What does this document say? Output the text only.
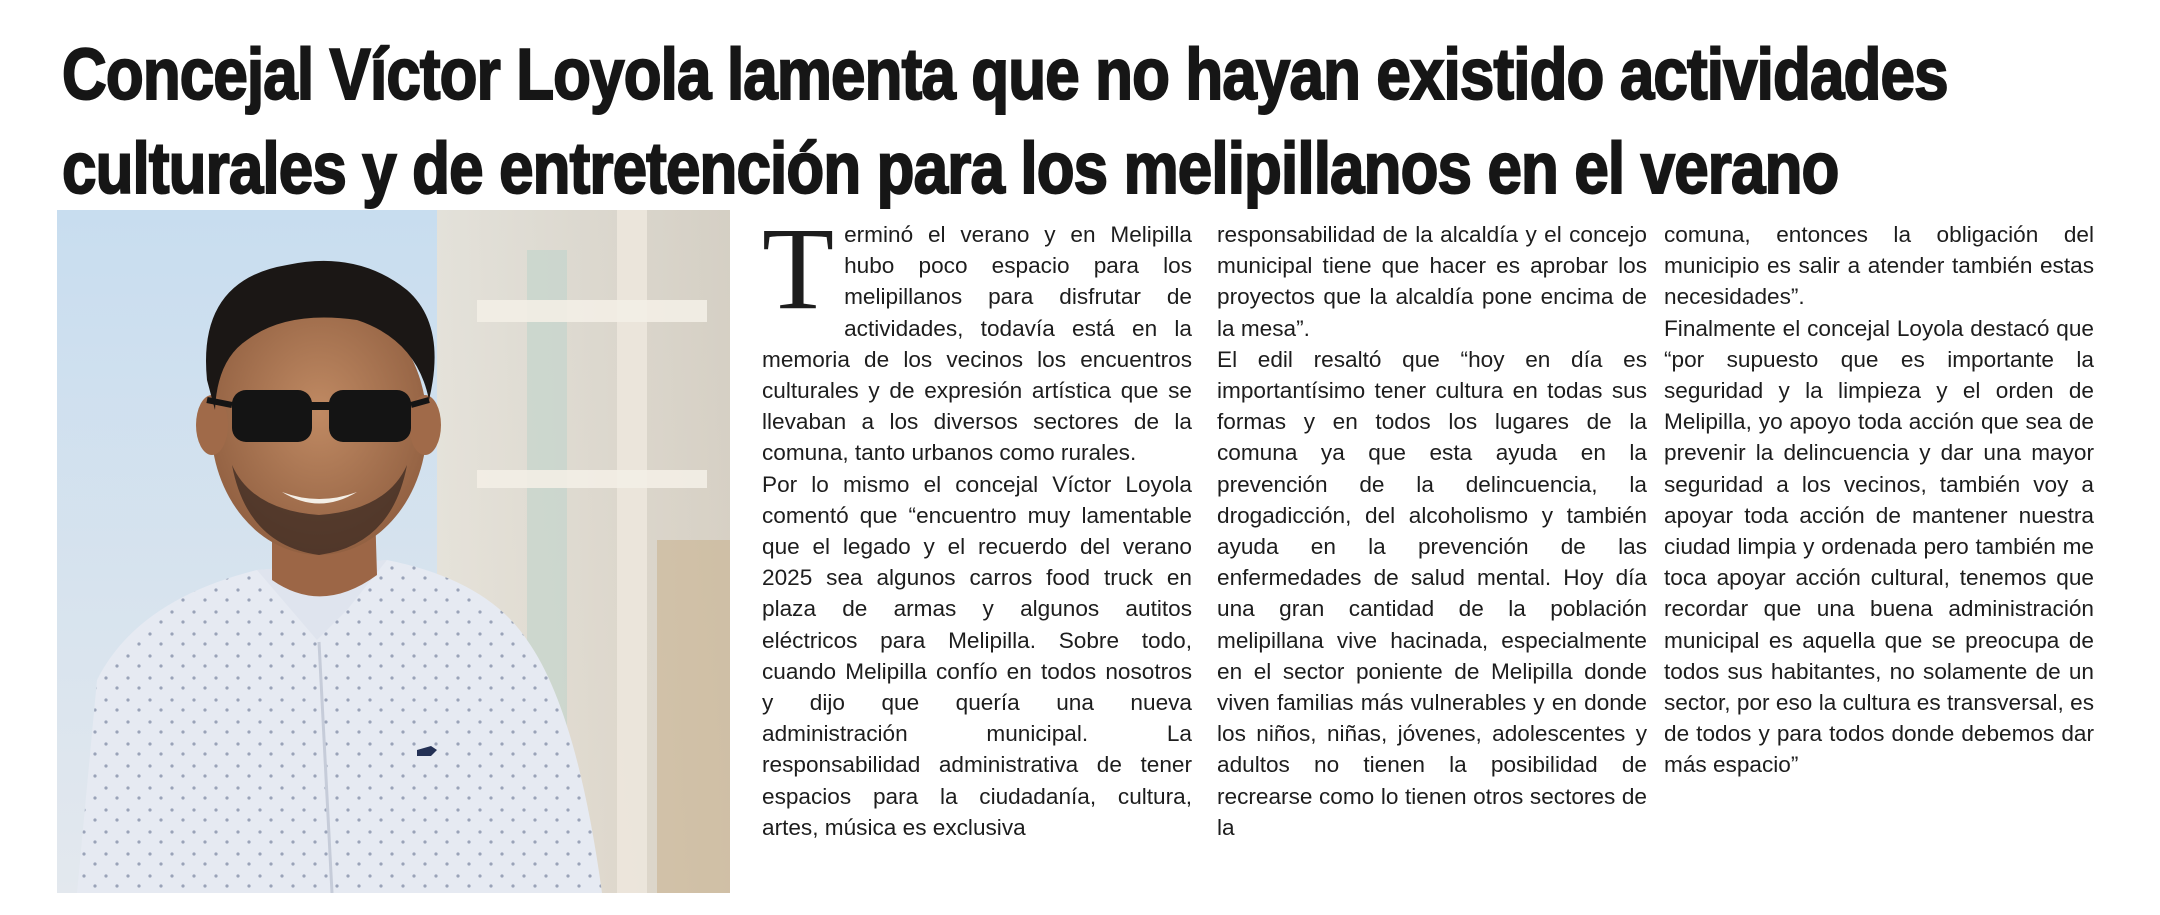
Concejal Víctor Loyola lamenta que no hayan existido actividades
culturales y de entretención para los melipillanos en el verano
T erminó el verano y en Melipilla hubo poco espacio para los melipillanos para disfrutar de actividades, todavía está en la memoria de los vecinos los encuentros culturales y de expresión artística que se llevaban a los diversos sectores de la comuna, tanto urbanos como rurales.

Por lo mismo el concejal Víctor Loyola comentó que “encuentro muy lamentable que el legado y el recuerdo del verano 2025 sea algunos carros food truck en plaza de armas y algunos autitos eléctricos para Melipilla. Sobre todo, cuando Melipilla confío en todos nosotros y dijo que quería una nueva administración municipal. La responsabilidad administrativa de tener espacios para la ciudadanía, cultura, artes, música es exclusiva

responsabilidad de la alcaldía y el concejo municipal tiene que hacer es aprobar los proyectos que la alcaldía pone encima de la mesa”.

El edil resaltó que “hoy en día es importantísimo tener cultura en todas sus formas y en todos los lugares de la comuna ya que esta ayuda en la prevención de la delincuencia, la drogadicción, del alcoholismo y también ayuda en la prevención de las enfermedades de salud mental. Hoy día una gran cantidad de la población melipillana vive hacinada, especialmente en el sector poniente de Melipilla donde viven familias más vulnerables y en donde los niños, niñas, jóvenes, adolescentes y adultos no tienen la posibilidad de recrearse como lo tienen otros sectores de la

comuna, entonces la obligación del municipio es salir a atender también estas necesidades”.

Finalmente el concejal Loyola destacó que “por supuesto que es importante la seguridad y la limpieza y el orden de Melipilla, yo apoyo toda acción que sea de prevenir la delincuencia y dar una mayor seguridad a los vecinos, también voy a apoyar toda acción de mantener nuestra ciudad limpia y ordenada pero también me toca apoyar acción cultural, tenemos que recordar que una buena administración municipal es aquella que se preocupa de todos sus habitantes, no solamente de un sector, por eso la cultura es transversal, es de todos y para todos donde debemos dar más espacio”
